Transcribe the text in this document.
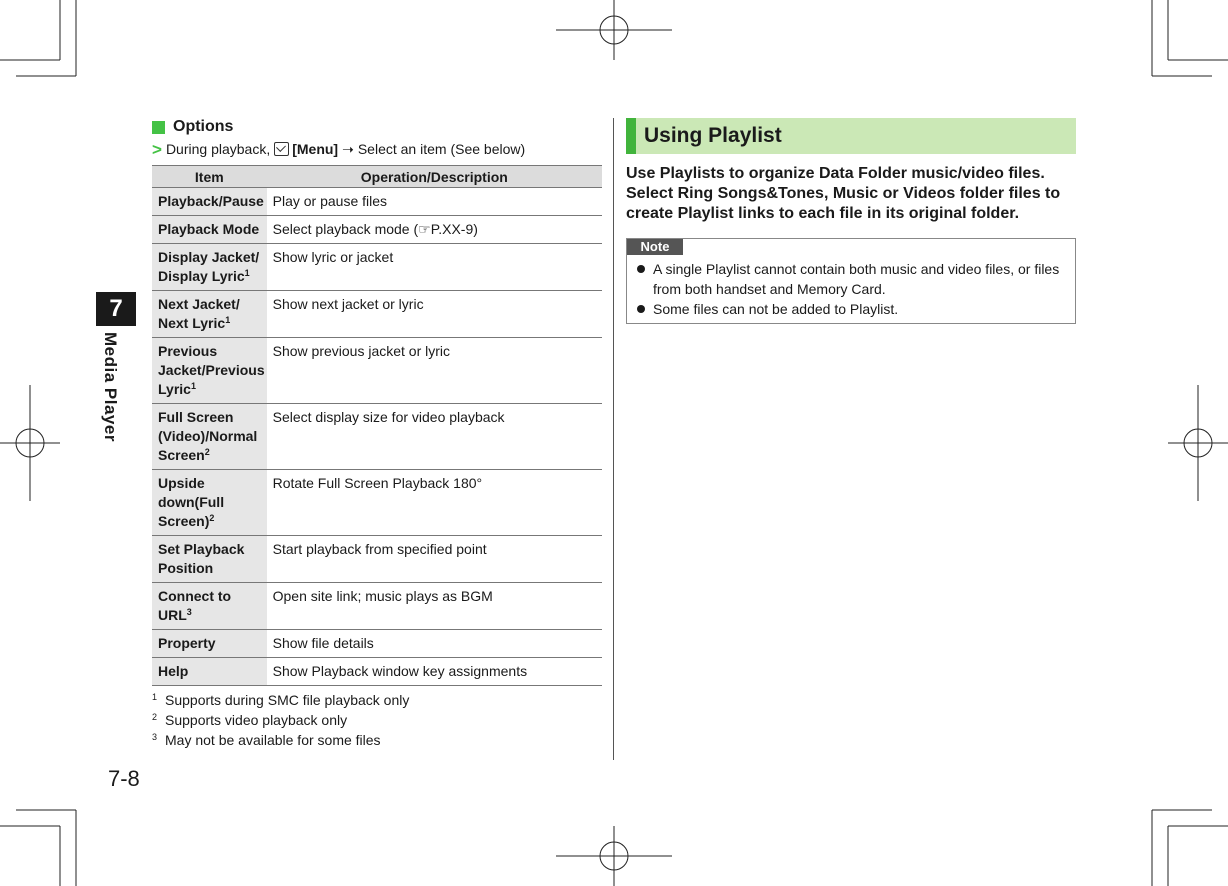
7
Media Player
7-8
Options
> During playback, [Menu] ➝ Select an item (See below)
Item	Operation/Description
Playback/Pause	Play or pause files
Playback Mode	Select playback mode (☞P.XX-9)
Display Jacket/ Display Lyric$^1$	Show lyric or jacket
Next Jacket/ Next Lyric$^1$	Show next jacket or lyric
Previous Jacket/Previous Lyric$^1$	Show previous jacket or lyric
Full Screen (Video)/Normal Screen$^2$	Select display size for video playback
Upside down(Full Screen)$^2$	Rotate Full Screen Playback 180°
Set Playback Position	Start playback from specified point
Connect to URL$^3$	Open site link; music plays as BGM
Property	Show file details
Help	Show Playback window key assignments
1 Supports during SMC file playback only
2 Supports video playback only
3 May not be available for some files
Using Playlist
Use Playlists to organize Data Folder music/video files. Select Ring Songs&Tones, Music or Videos folder files to create Playlist links to each file in its original folder.
Note
A single Playlist cannot contain both music and video files, or files from both handset and Memory Card.
Some files can not be added to Playlist.
